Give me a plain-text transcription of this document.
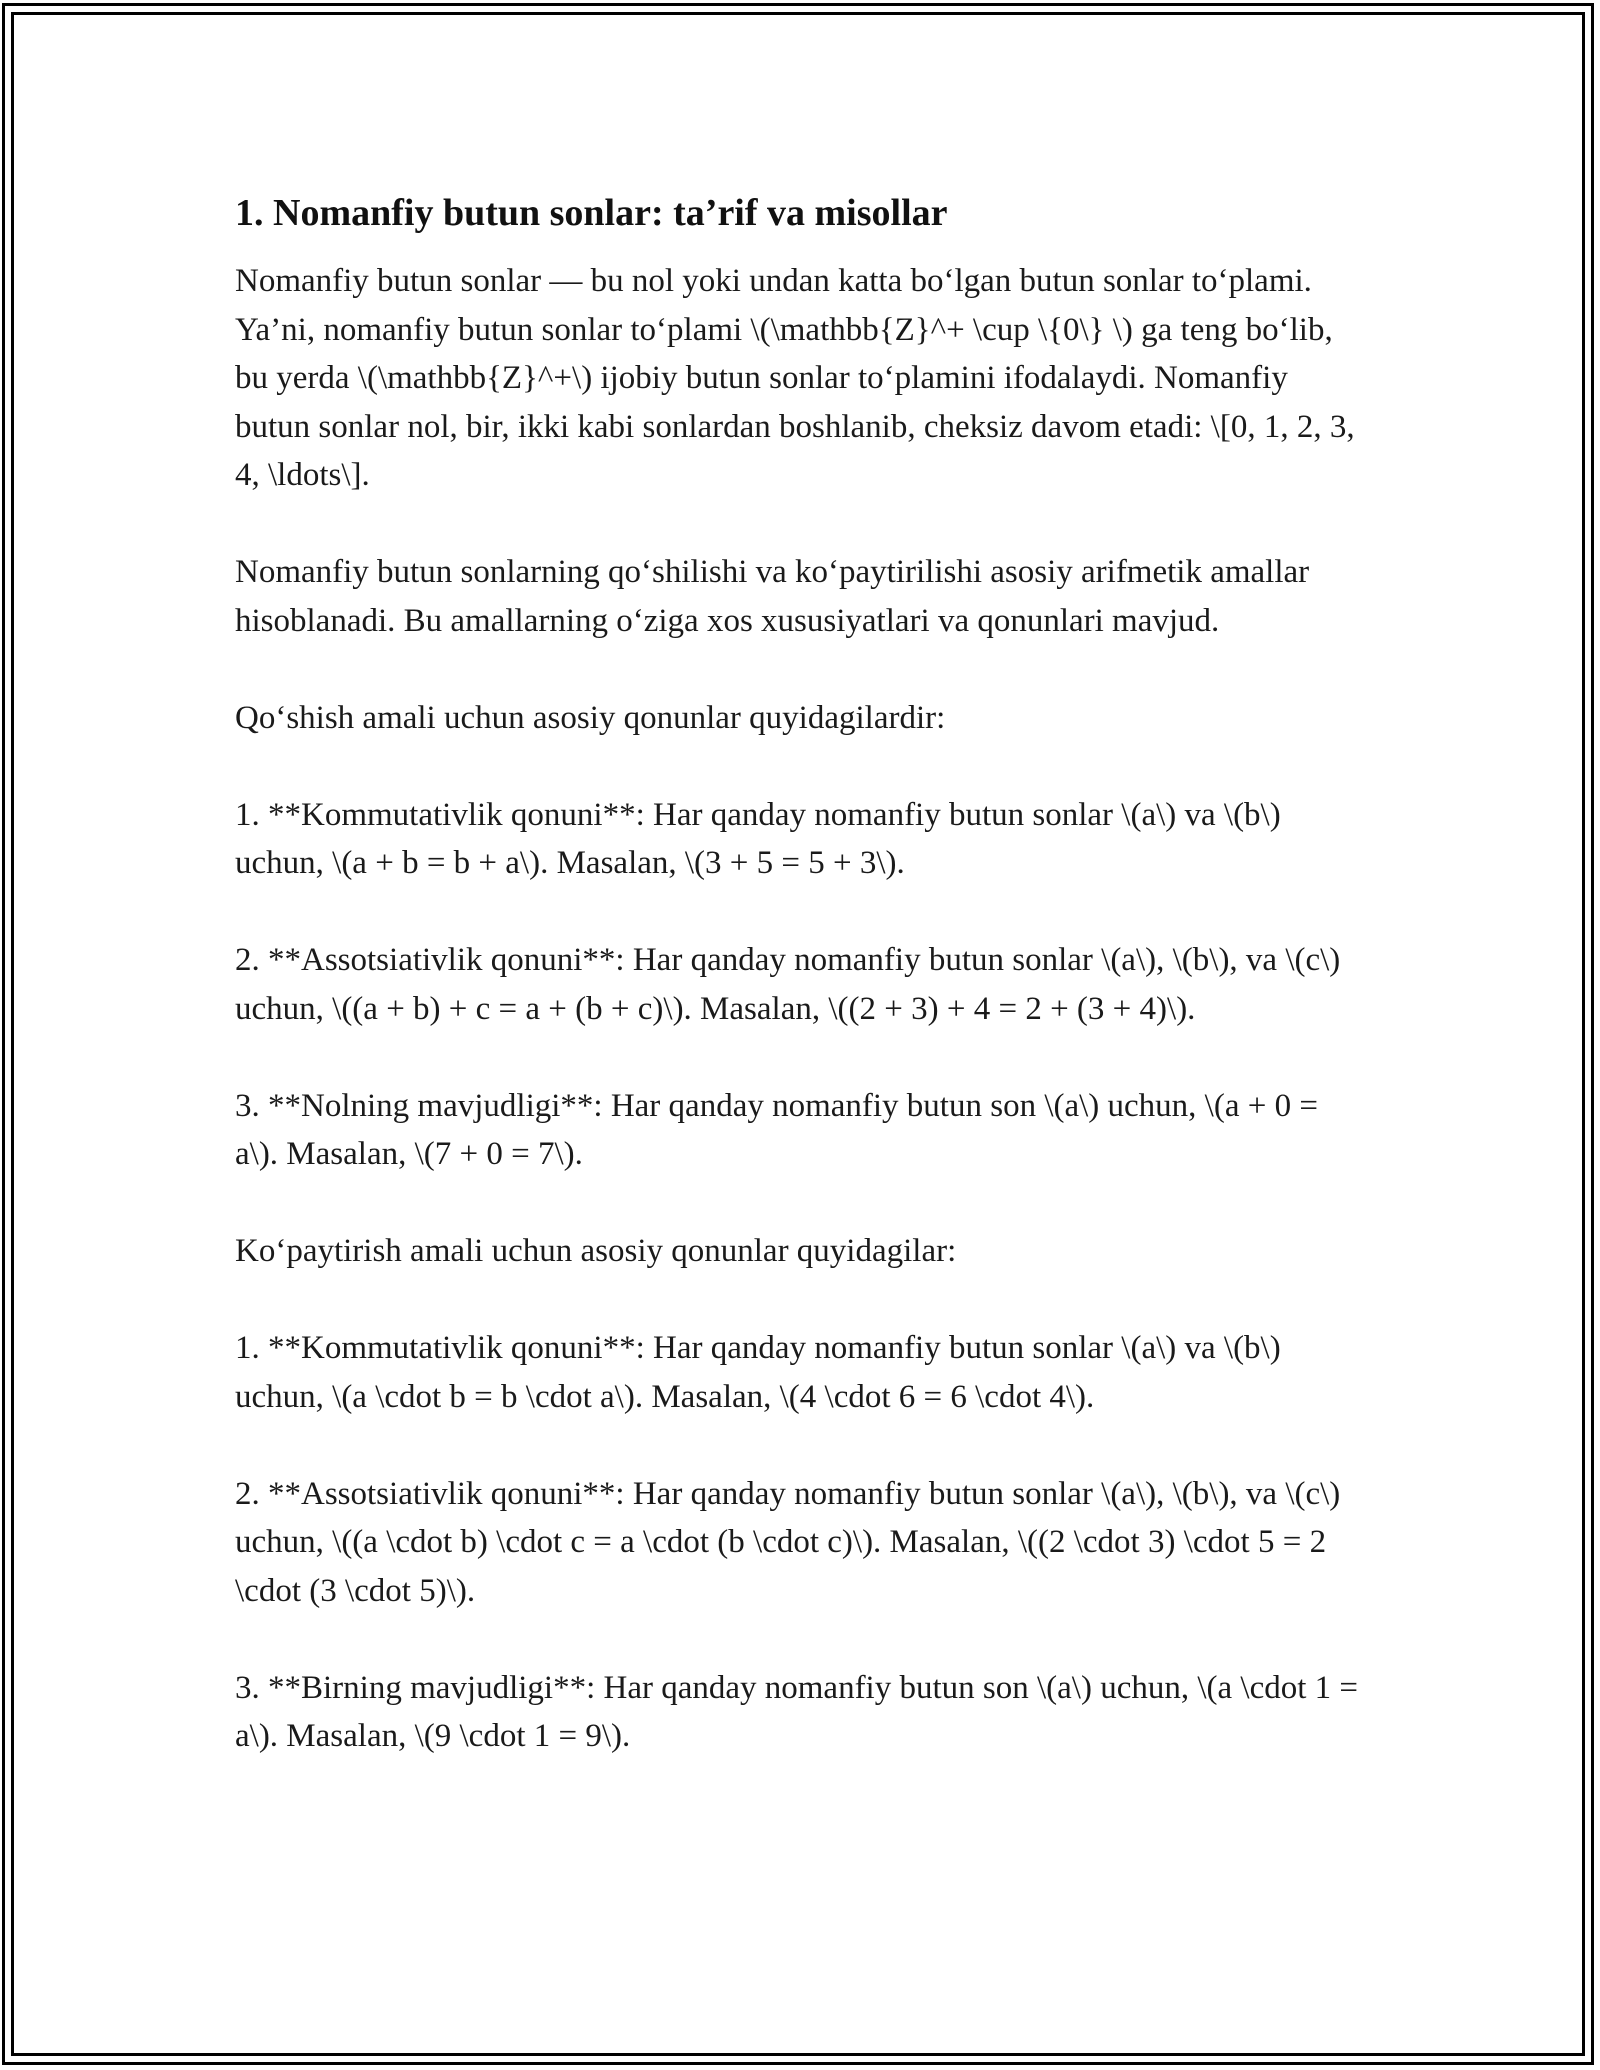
1. Nomanfiy butun sonlar: ta’rif va misollar

Nomanfiy butun sonlar — bu nol yoki undan katta bo‘lgan butun sonlar to‘plami. Ya’ni, nomanfiy butun sonlar to‘plami \(\mathbb{Z}^+ \cup \{0\} \) ga teng bo‘lib, bu yerda \(\mathbb{Z}^+\) ijobiy butun sonlar to‘plamini ifodalaydi. Nomanfiy butun sonlar nol, bir, ikki kabi sonlardan boshlanib, cheksiz davom etadi: \[0, 1, 2, 3, 4, \ldots\].

Nomanfiy butun sonlarning qo‘shilishi va ko‘paytirilishi asosiy arifmetik amallar hisoblanadi. Bu amallarning o‘ziga xos xususiyatlari va qonunlari mavjud.

Qo‘shish amali uchun asosiy qonunlar quyidagilardir:

1. **Kommutativlik qonuni**: Har qanday nomanfiy butun sonlar \(a\) va \(b\) uchun, \(a + b = b + a\). Masalan, \(3 + 5 = 5 + 3\).

2. **Assotsiativlik qonuni**: Har qanday nomanfiy butun sonlar \(a\), \(b\), va \(c\) uchun, \((a + b) + c = a + (b + c)\). Masalan, \((2 + 3) + 4 = 2 + (3 + 4)\).

3. **Nolning mavjudligi**: Har qanday nomanfiy butun son \(a\) uchun, \(a + 0 = a\). Masalan, \(7 + 0 = 7\).

Ko‘paytirish amali uchun asosiy qonunlar quyidagilar:

1. **Kommutativlik qonuni**: Har qanday nomanfiy butun sonlar \(a\) va \(b\) uchun, \(a \cdot b = b \cdot a\). Masalan, \(4 \cdot 6 = 6 \cdot 4\).

2. **Assotsiativlik qonuni**: Har qanday nomanfiy butun sonlar \(a\), \(b\), va \(c\) uchun, \((a \cdot b) \cdot c = a \cdot (b \cdot c)\). Masalan, \((2 \cdot 3) \cdot 5 = 2 \cdot (3 \cdot 5)\).

3. **Birning mavjudligi**: Har qanday nomanfiy butun son \(a\) uchun, \(a \cdot 1 = a\). Masalan, \(9 \cdot 1 = 9\).
